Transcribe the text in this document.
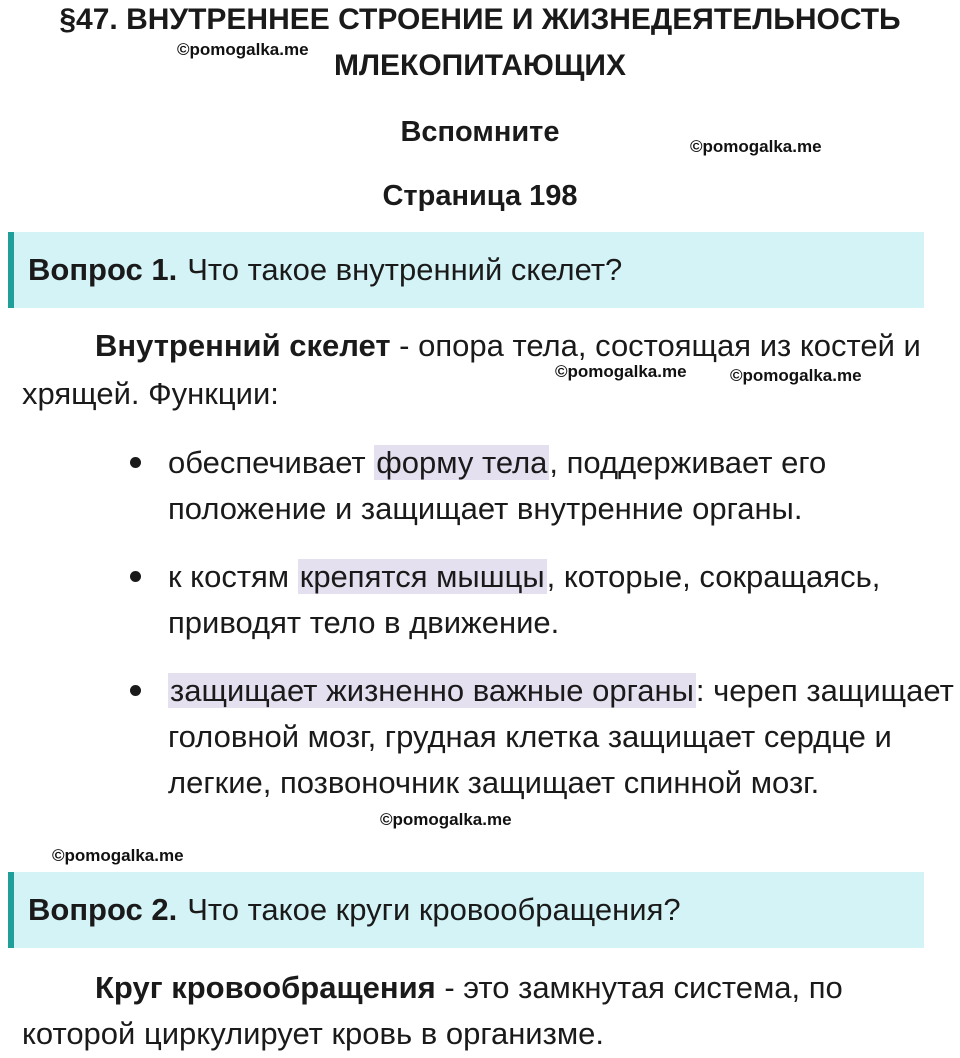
§47. ВНУТРЕННЕЕ СТРОЕНИЕ И ЖИЗНЕДЕЯТЕЛЬНОСТЬ
МЛЕКОПИТАЮЩИХ
Вспомните
Страница 198
©pomogalka.me
©pomogalka.me
©pomogalka.me	©pomogalka.me
©pomogalka.me
©pomogalka.me
Вопрос 1. Что такое внутренний скелет?
Внутренний скелет - опора тела, состоящая из костей и
хрящей. Функции:
обеспечивает форму тела, поддерживает его положение и защищает внутренние органы.
к костям крепятся мышцы, которые, сокращаясь, приводят тело в движение.
защищает жизненно важные органы: череп защищает головной мозг, грудная клетка защищает сердце и легкие, позвоночник защищает спинной мозг.
Вопрос 2. Что такое круги кровообращения?
Круг кровообращения - это замкнутая система, по
которой циркулирует кровь в организме.
